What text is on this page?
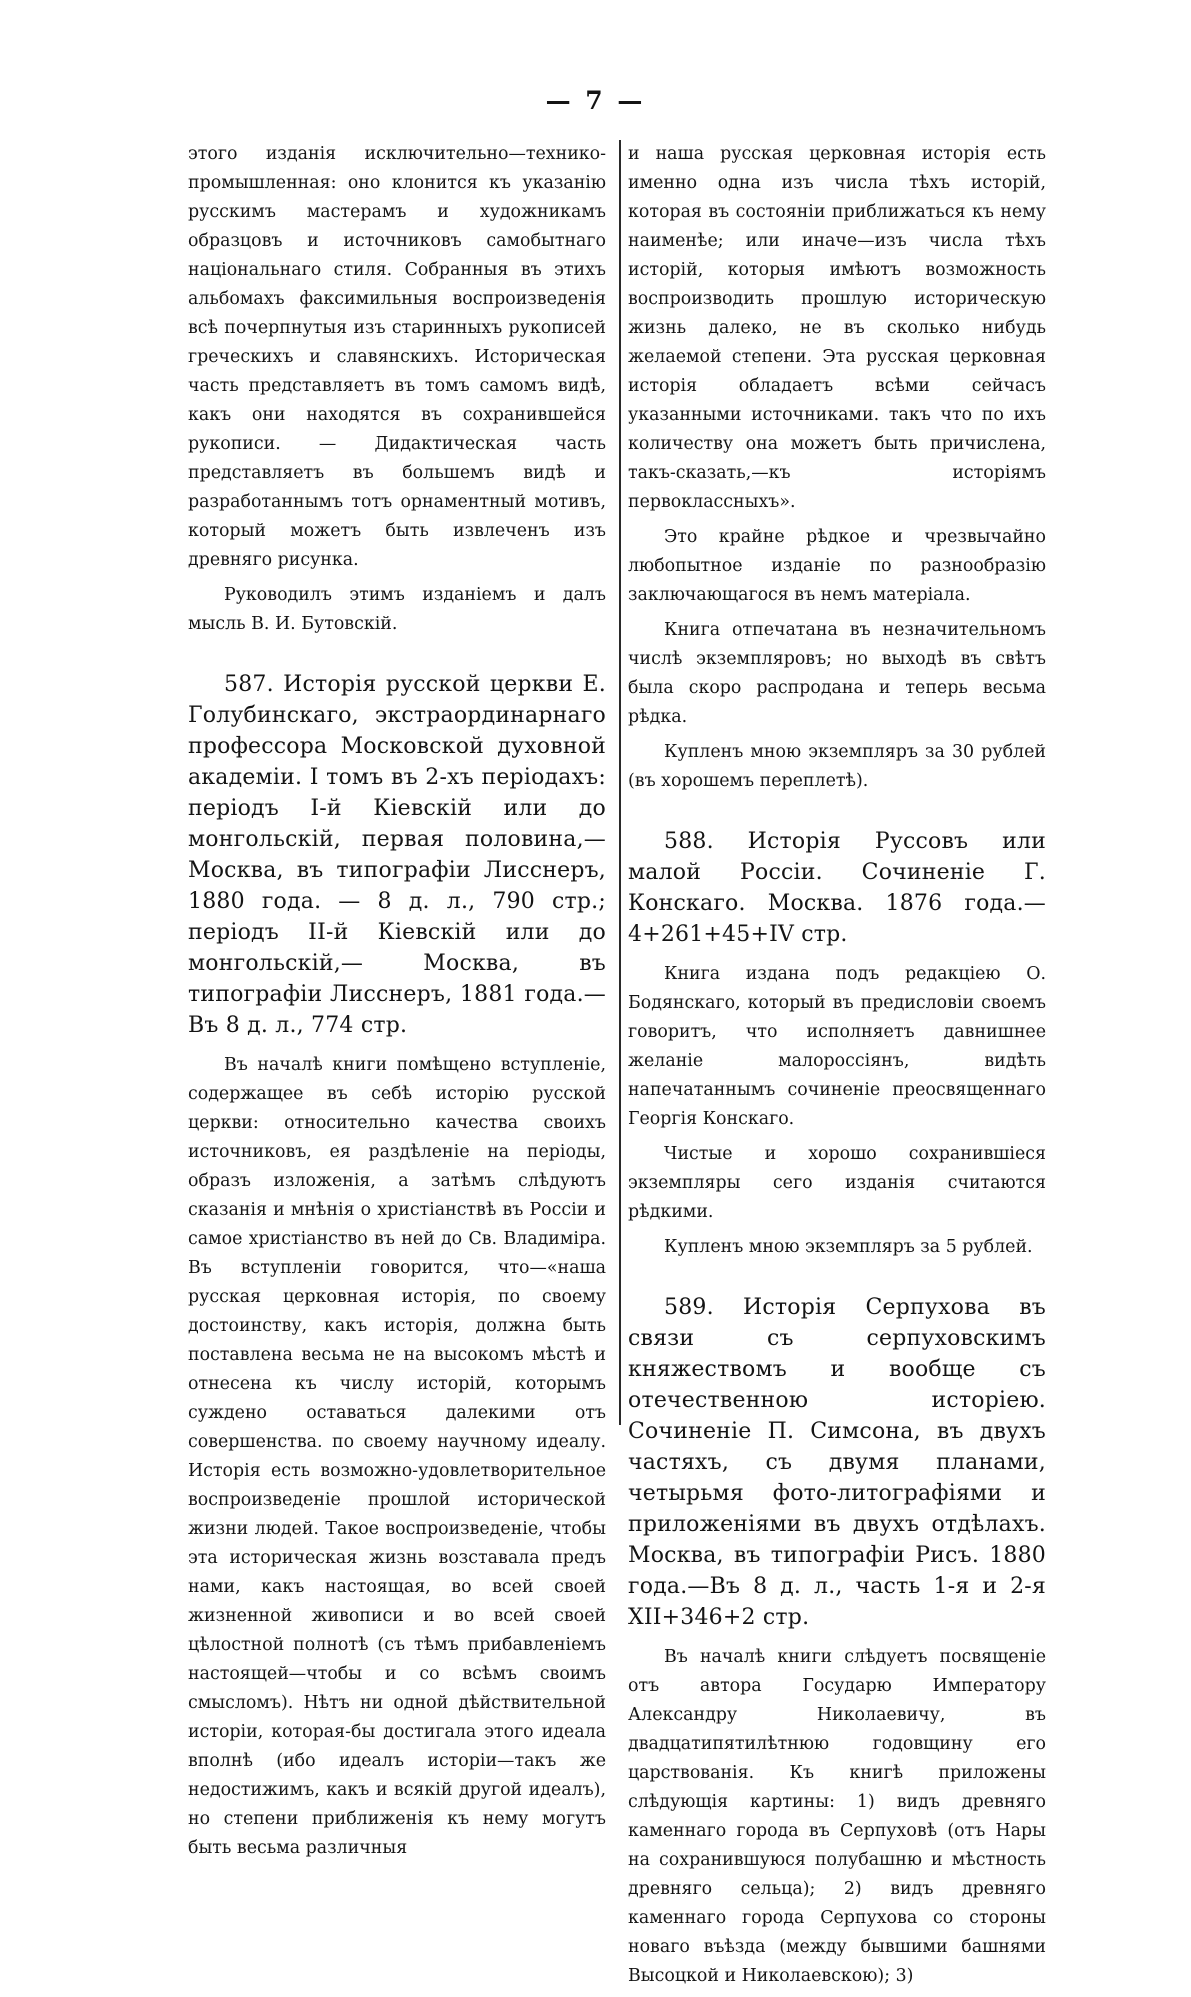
— 7 —

этого изданія исключительно—технико-промышленная: оно клонится къ указанію русскимъ мастерамъ и художникамъ образцовъ и источниковъ самобытнаго національнаго стиля. Собранныя въ этихъ альбомахъ факсимильныя воспроизведенія всѣ почерпнутыя изъ старинныхъ рукописей греческихъ и славянскихъ. Историческая часть представляетъ въ томъ самомъ видѣ, какъ они находятся въ сохранившейся рукописи. — Дидактическая часть представляетъ въ большемъ видѣ и разработаннымъ тотъ орнаментный мотивъ, который можетъ быть извлеченъ изъ древняго рисунка.

Руководилъ этимъ изданіемъ и далъ мысль В. И. Бутовскій.

587. Исторія русской церкви Е. Голубинскаго, экстраординарнаго профессора Московской духовной академіи. I томъ въ 2-хъ періодахъ: періодъ I-й Кіевскій или до монгольскій, первая половина,—Москва, въ типографіи Лисснеръ, 1880 года. — 8 д. л., 790 стр.; періодъ II-й Кіевскій или до монгольскій,— Москва, въ типографіи Лисснеръ, 1881 года.—Въ 8 д. л., 774 стр.

Въ началѣ книги помѣщено вступленіе, содержащее въ себѣ исторію русской церкви: относительно качества своихъ источниковъ, ея раздѣленіе на періоды, образъ изложенія, а затѣмъ слѣдуютъ сказанія и мнѣнія о христіанствѣ въ Россіи и самое христіанство въ ней до Св. Владиміра. Въ вступленіи говорится, что—«наша русская церковная исторія, по своему достоинству, какъ исторія, должна быть поставлена весьма не на высокомъ мѣстѣ и отнесена къ числу исторій, которымъ суждено оставаться далекими отъ совершенства. по своему научному идеалу. Исторія есть возможно-удовлетворительное воспроизведеніе прошлой исторической жизни людей. Такое воспроизведеніе, чтобы эта историческая жизнь возставала предъ нами, какъ настоящая, во всей своей жизненной живописи и во всей своей цѣлостной полнотѣ (съ тѣмъ прибавленіемъ настоящей—чтобы и со всѣмъ своимъ смысломъ). Нѣтъ ни одной дѣйствительной исторіи, которая-бы достигала этого идеала вполнѣ (ибо идеалъ исторіи—такъ же недостижимъ, какъ и всякій другой идеалъ), но степени приближенія къ нему могутъ быть весьма различныя

и наша русская церковная исторія есть именно одна изъ числа тѣхъ исторій, которая въ состояніи приближаться къ нему наименѣе; или иначе—изъ числа тѣхъ исторій, которыя имѣютъ возможность воспроизводить прошлую историческую жизнь далеко, не въ сколько нибудь желаемой степени. Эта русская церковная исторія обладаетъ всѣми сейчасъ указанными источниками. такъ что по ихъ количеству она можетъ быть причислена, такъ-сказать,—къ исторіямъ первоклассныхъ».

Это крайне рѣдкое и чрезвычайно любопытное изданіе по разнообразію заключающагося въ немъ матеріала.

Книга отпечатана въ незначительномъ числѣ экземпляровъ; но выходѣ въ свѣтъ была скоро распродана и теперь весьма рѣдка.

Купленъ мною экземпляръ за 30 рублей (въ хорошемъ переплетѣ).

588. Исторія Руссовъ или малой Россіи. Сочиненіе Г. Конскаго. Москва. 1876 года.—4+261+45+IV стр.

Книга издана подъ редакціею О. Бодянскаго, который въ предисловіи своемъ говоритъ, что исполняетъ давнишнее желаніе малороссіянъ, видѣть напечатаннымъ сочиненіе преосвященнаго Георгія Конскаго.

Чистые и хорошо сохранившіеся экземпляры сего изданія считаются рѣдкими.

Купленъ мною экземпляръ за 5 рублей.

589. Исторія Серпухова въ связи съ серпуховскимъ княжествомъ и вообще съ отечественною исторіею. Сочиненіе П. Симсона, въ двухъ частяхъ, съ двумя планами, четырьмя фото-литографіями и приложеніями въ двухъ отдѣлахъ. Москва, въ типографіи Рисъ. 1880 года.—Въ 8 д. л., часть 1-я и 2-я XII+346+2 стр.

Въ началѣ книги слѣдуетъ посвященіе отъ автора Государю Императору Александру Николаевичу, въ двадцатипятилѣтнюю годовщину его царствованія. Къ книгѣ приложены слѣдующія картины: 1) видъ древняго каменнаго города въ Серпуховѣ (отъ Нары на сохранившуюся полубашню и мѣстность древняго сельца); 2) видъ древняго каменнаго города Серпухова со стороны новаго въѣзда (между бывшими башнями Высоцкой и Николаевскою); 3)
